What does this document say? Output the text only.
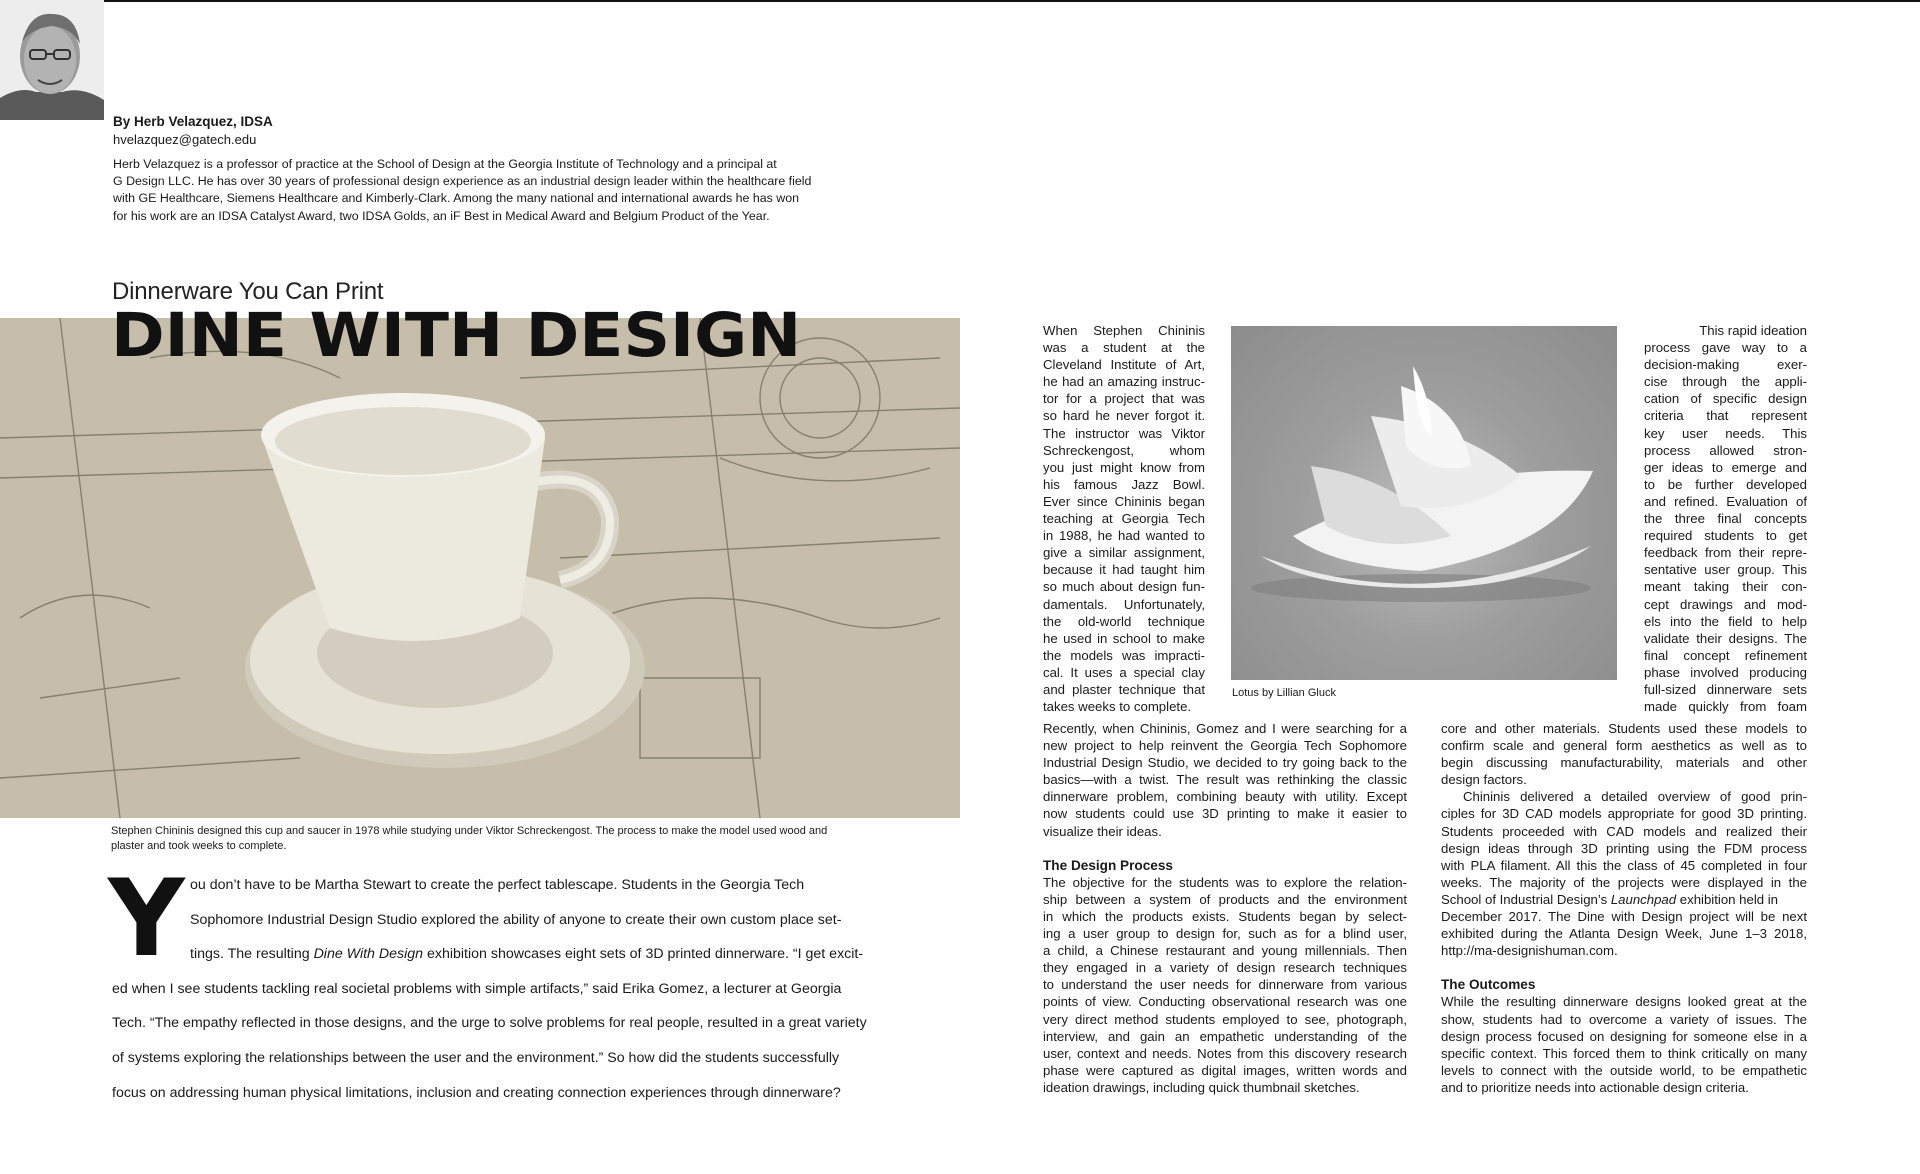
By Herb Velazquez, IDSA
hvelazquez@gatech.edu

Herb Velazquez is a professor of practice at the School of Design at the Georgia Institute of Technology and a principal at
G Design LLC. He has over 30 years of professional design experience as an industrial design leader within the healthcare field
with GE Healthcare, Siemens Healthcare and Kimberly-Clark. Among the many national and international awards he has won
for his work are an IDSA Catalyst Award, two IDSA Golds, an iF Best in Medical Award and Belgium Product of the Year.

Dinnerware You Can Print
DINE WITH DESIGN

Stephen Chininis designed this cup and saucer in 1978 while studying under Viktor Schreckengost. The process to make the model used wood and
plaster and took weeks to complete.

Y ou don’t have to be Martha Stewart to create the perfect tablescape. Students in the Georgia Tech
Sophomore Industrial Design Studio explored the ability of anyone to create their own custom place set-
tings. The resulting Dine With Design exhibition showcases eight sets of 3D printed dinnerware. “I get excit-
ed when I see students tackling real societal problems with simple artifacts,” said Erika Gomez, a lecturer at Georgia
Tech. “The empathy reflected in those designs, and the urge to solve problems for real people, resulted in a great variety
of systems exploring the relationships between the user and the environment.” So how did the students successfully
focus on addressing human physical limitations, inclusion and creating connection experiences through dinnerware?

Lotus by Lillian Gluck

When Stephen Chininis
was a student at the
Cleveland Institute of Art,
he had an amazing instruc-
tor for a project that was
so hard he never forgot it.
The instructor was Viktor
Schreckengost, whom
you just might know from
his famous Jazz Bowl.
Ever since Chininis began
teaching at Georgia Tech
in 1988, he had wanted to
give a similar assignment,
because it had taught him
so much about design fun-
damentals. Unfortunately,
the old-world technique
he used in school to make
the models was impracti-
cal. It uses a special clay
and plaster technique that
takes weeks to complete.

This rapid ideation
process gave way to a
decision-making exer-
cise through the appli-
cation of specific design
criteria that represent
key user needs. This
process allowed stron-
ger ideas to emerge and
to be further developed
and refined. Evaluation of
the three final concepts
required students to get
feedback from their repre-
sentative user group. This
meant taking their con-
cept drawings and mod-
els into the field to help
validate their designs. The
final concept refinement
phase involved producing
full-sized dinnerware sets
made quickly from foam

Recently, when Chininis, Gomez and I were searching for a
new project to help reinvent the Georgia Tech Sophomore
Industrial Design Studio, we decided to try going back to the
basics—with a twist. The result was rethinking the classic
dinnerware problem, combining beauty with utility. Except
now students could use 3D printing to make it easier to
visualize their ideas.
The Design Process
The objective for the students was to explore the relation-
ship between a system of products and the environment
in which the products exists. Students began by select-
ing a user group to design for, such as for a blind user,
a child, a Chinese restaurant and young millennials. Then
they engaged in a variety of design research techniques
to understand the user needs for dinnerware from various
points of view. Conducting observational research was one
very direct method students employed to see, photograph,
interview, and gain an empathetic understanding of the
user, context and needs. Notes from this discovery research
phase were captured as digital images, written words and
ideation drawings, including quick thumbnail sketches.
core and other materials. Students used these models to
confirm scale and general form aesthetics as well as to
begin discussing manufacturability, materials and other
design factors.
Chininis delivered a detailed overview of good prin-
ciples for 3D CAD models appropriate for good 3D printing.
Students proceeded with CAD models and realized their
design ideas through 3D printing using the FDM process
with PLA filament. All this the class of 45 completed in four
weeks. The majority of the projects were displayed in the
School of Industrial Design’s Launchpad exhibition held in
December 2017. The Dine with Design project will be next
exhibited during the Atlanta Design Week, June 1–3 2018,
http://ma-designishuman.com.
The Outcomes
While the resulting dinnerware designs looked great at the
show, students had to overcome a variety of issues. The
design process focused on designing for someone else in a
specific context. This forced them to think critically on many
levels to connect with the outside world, to be empathetic
and to prioritize needs into actionable design criteria.
